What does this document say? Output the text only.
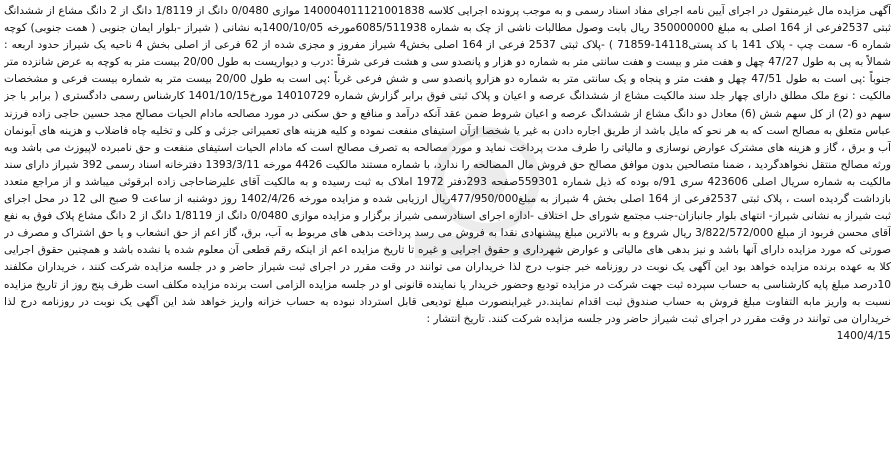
آگهی مزایده مال غیرمنقول در اجرای آیین نامه اجرای مفاد اسناد رسمی و به موجب پرونده اجرایی کلاسه 140004011121001838 موازی 0/0480 دانگ از 1/8119 دانگ از 2 دانگ مشاع از ششدانگ ثبتی 2537فرعی از 164 اصلی به مبلغ 350000000 ریال بابت وصول مطالبات ناشی از چک به شماره 6085/511938مورخه 1400/10/05به نشانی ( شیراز -بلوار ایمان جنوبی ( همت جنوبی) کوچه شماره 6- سمت چپ - پلاک 141 با کد پستی14118-71859 ) -پلاک ثبتی 2537 فرعی از 164 اصلی بخش4 شیراز مفروز و مجزی شده از 62 فرعی از اصلی بخش 4 ناحیه یک شیراز حدود اربعه : شمالاً به پی به طول 47/27 چهل و هفت متر و بیست و هفت سانتی متر به شماره دو هزار و پانصدو سی و هشت فرعی شرقاً :درب و دیواریست به طول 20/00 بیست متر به کوچه به عرض شانزده متر جنوباً :پی است به طول 47/51 چهل و هفت متر و پنجاه و یک سانتی متر به شماره دو هزارو پانصدو سی و شش فرعی غرباً :پی است به طول 20/00 بیست متر به شماره بیست فرعی و مشخصات مالکیت : نوع ملک مطلق دارای چهار جلد سند مالکیت مشاع از ششدانگ عرصه و اعیان و پلاک ثبتی فوق برابر گزارش شماره 14010729 مورخ1401/10/15 کارشناس رسمی دادگستری ( برابر با جز سهم دو (2) از کل سهم شش (6) معادل دو دانگ مشاع از ششدانگ عرصه و اعیان شروط ضمن عقد آنکه درآمد و منافع و حق سکنی در مورد مصالحه مادام الحیات مصالح مجد حسین حاجی زاده فرزند عباس متعلق به مصالح است که به هر نحو که مایل باشد از طریق اجاره دادن به غیر یا شخصا ازآن استیفای منفعت نموده و کلیه هزینه های تعمیراتی جزئی و کلی و تخلیه چاه فاضلاب و هزینه های آبونمان آب و برق ، گاز و هزینه های مشترک عوارض نوسازی و مالیاتی را طرف مدت پرداخت نماید و مورد مصالحه به تصرف مصالح است که مادام الحیات استیفای منفعت و حق نامبرده لاپیوزث می باشد وبه ورثه مصالح منتقل نخواهدگردید ، ضمنا متصالحین بدون موافق مصالح حق فروش مال المصالحه را ندارد، با شماره مستند مالکیت 4426 مورخه 1393/3/11 دفترخانه اسناد رسمی 392 شیراز دارای سند مالکیت به شماره سریال اصلی 423606 سری 91/ه بوده که ذیل شماره 559301صفحه 293دفتر 1972 املاک به ثبت رسیده و به مالکیت آقای علیرضاحاجی زاده ابرقوئی میباشد و از مراجع متعدد بازداشت گردیده است ، پلاک ثبتی 2537فرعی از 164 اصلی بخش 4 شیراز به مبلغ477/950/000ریال ارزیابی شده و مزایده مورخه 1402/4/26 روز دوشنبه از ساعت 9 صبح الی 12 در محل اجرای ثبت شیراز به نشانی شیراز- انتهای بلوار جانبازان-جنب مجتمع شورای حل اختلاف -اداره اجرای اسنادرسمی شیراز برگزار و مزایده موازی 0/0480 دانگ از 1/8119 دانگ از 2 دانگ مشاع پلاک فوق به نفع آقای محسن فربود از مبلغ 3/822/572/000 ریال شروع و به بالاترین مبلغ پیشنهادی نقدا به فروش می رسد پرداخت بدهی های مربوط به آب، برق، گاز اعم از حق انشعاب و یا حق اشتراک و مصرف در صورتی که مورد مزایده دارای آنها باشد و نیز بدهی های مالیاتی و عوارض شهرداری و حقوق اجرایی و غیره تا تاریخ مزایده اعم از اینکه رقم قطعی آن معلوم شده یا نشده باشد و همچنین حقوق اجرایی کلا به عهده برنده مزایده خواهد بود این آگهی یک نوبت در روزنامه خبر جنوب درج لذا خریداران می توانند در وقت مقرر در اجرای ثبت شیراز حاضر و در جلسه مزایده شرکت کنند ، خریداران مکلفند 10درصد مبلغ پایه کارشناسی به حساب سپرده ثبت جهت شرکت در مزایده تودیع وحضور خریدار یا نماینده قانونی او در جلسه مزایده الزامی است برنده مزایده مکلف است ظرف پنج روز از تاریخ مزایده نسبت به واریز مابه التفاوت مبلغ فروش به حساب صندوق ثبت اقدام نمایند.در غیراینصورت مبلغ تودیعی قابل استرداد نبوده به حساب خزانه واریز خواهد شد این آگهی یک نوبت در روزنامه درج لذا خریداران می توانند در وقت مقرر در اجرای ثبت شیراز حاضر ودر جلسه مزایده شرکت کنند. تاریخ انتشار :

1400/4/15
